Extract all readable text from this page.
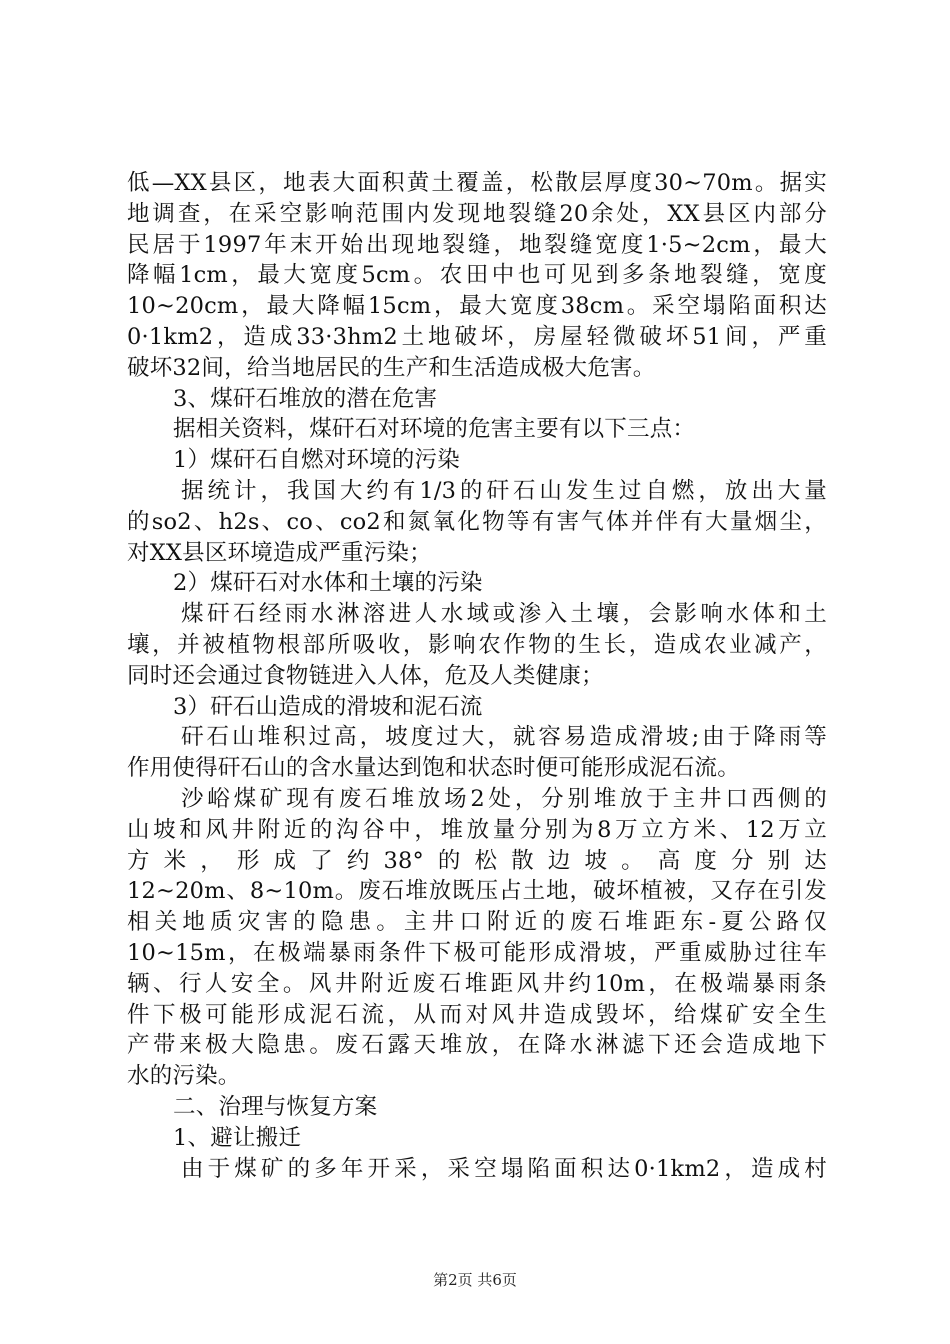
低—XX县区，地表大面积黄土覆盖，松散层厚度30~70m。据实
地调查，在采空影响范围内发现地裂缝20余处，XX县区内部分
民居于1997年末开始出现地裂缝，地裂缝宽度1·5~2cm，最大
降幅1cm，最大宽度5cm。农田中也可见到多条地裂缝，宽度
10~20cm，最大降幅15cm，最大宽度38cm。采空塌陷面积达
0·1km2，造成33·3hm2土地破坏，房屋轻微破坏51间，严重
破坏32间，给当地居民的生产和生活造成极大危害。
3、煤矸石堆放的潜在危害
据相关资料，煤矸石对环境的危害主要有以下三点：
1）煤矸石自燃对环境的污染
据统计，我国大约有1/3的矸石山发生过自燃，放出大量
的so2、h2s、co、co2和氮氧化物等有害气体并伴有大量烟尘，
对XX县区环境造成严重污染；
2）煤矸石对水体和土壤的污染
煤矸石经雨水淋溶进人水域或渗入土壤，会影响水体和土
壤，并被植物根部所吸收，影响农作物的生长，造成农业减产，
同时还会通过食物链进入人体，危及人类健康；
3）矸石山造成的滑坡和泥石流
矸石山堆积过高，坡度过大，就容易造成滑坡;由于降雨等
作用使得矸石山的含水量达到饱和状态时便可能形成泥石流。
沙峪煤矿现有废石堆放场2处，分别堆放于主井口西侧的
山坡和风井附近的沟谷中，堆放量分别为8万立方米、12万立
方米，形成了约38°的松散边坡。高度分别达
12~20m、8~10m。废石堆放既压占土地，破坏植被，又存在引发
相关地质灾害的隐患。主井口附近的废石堆距东-夏公路仅
10~15m，在极端暴雨条件下极可能形成滑坡，严重威胁过往车
辆、行人安全。风井附近废石堆距风井约10m，在极端暴雨条
件下极可能形成泥石流，从而对风井造成毁坏，给煤矿安全生
产带来极大隐患。废石露天堆放，在降水淋滤下还会造成地下
水的污染。
二、治理与恢复方案
1、避让搬迁
由于煤矿的多年开采，采空塌陷面积达0·1km2，造成村
第2页 共6页
